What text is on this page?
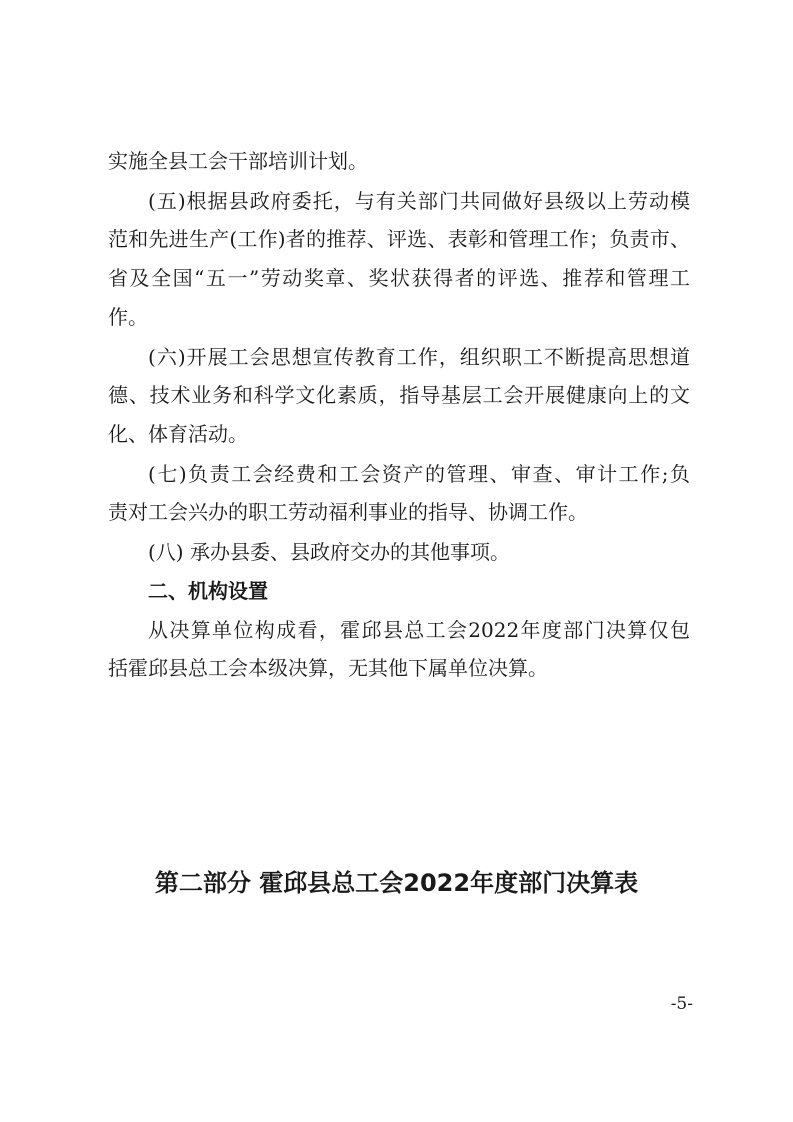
实施全县工会干部培训计划。
(五)根据县政府委托，与有关部门共同做好县级以上劳动模
范和先进生产(工作)者的推荐、评选、表彰和管理工作；负责市、
省及全国“五一”劳动奖章、奖状获得者的评选、推荐和管理工
作。
(六)开展工会思想宣传教育工作，组织职工不断提高思想道
德、技术业务和科学文化素质，指导基层工会开展健康向上的文
化、体育活动。
(七)负责工会经费和工会资产的管理、审查、审计工作;负
责对工会兴办的职工劳动福利事业的指导、协调工作。
(八) 承办县委、县政府交办的其他事项。
二、机构设置
从决算单位构成看，霍邱县总工会2022年度部门决算仅包
括霍邱县总工会本级决算，无其他下属单位决算。
第二部分 霍邱县总工会2022年度部门决算表
-5-
